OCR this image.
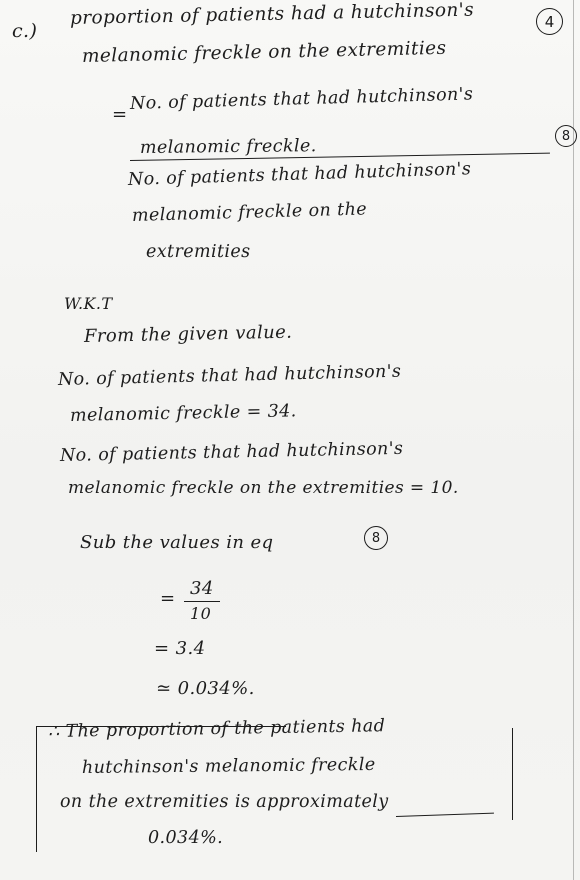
c.)
proportion of patients had a hutchinson's	4
melanomic freckle on the extremities
=
No. of patients that had hutchinson's
melanomic freckle.
8
No. of patients that had hutchinson's
melanomic freckle on the
extremities
W.K.T
From the given value.
No. of patients that had hutchinson's
melanomic freckle = 34.
No. of patients that had hutchinson's
melanomic freckle on the extremities = 10.
Sub the values in eq	8
= 34
10
= 3.4
≃ 0.034%.
∴ The proportion of the patients had
hutchinson's melanomic freckle
on the extremities is approximately
0.034%.
